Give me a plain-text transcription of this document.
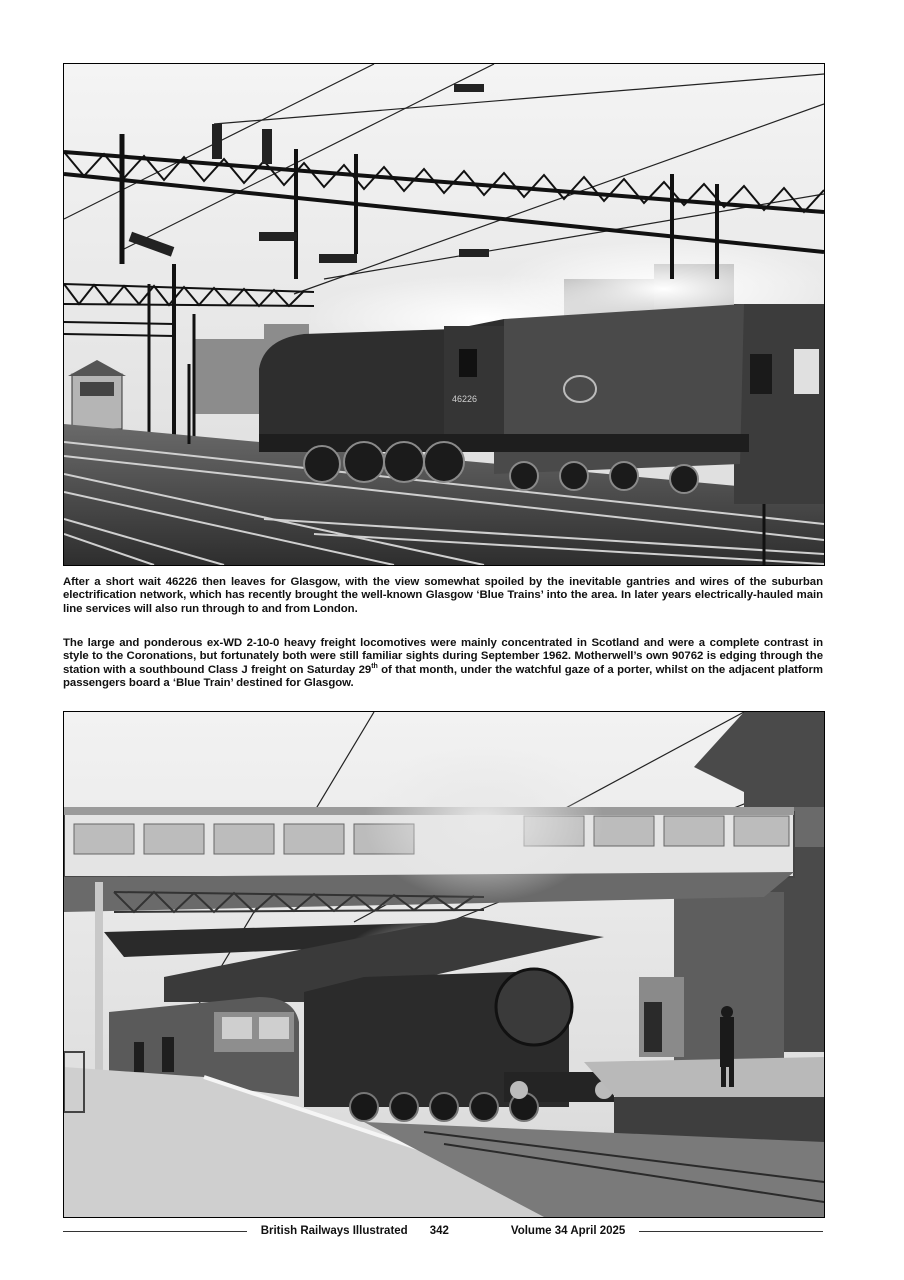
46226

After a short wait 46226 then leaves for Glasgow, with the view somewhat spoiled by the inevitable gantries and wires of the suburban electrification network, which has recently brought the well-known Glasgow ‘Blue Trains’ into the area. In later years electrically-hauled main line services will also run through to and from London.

The large and ponderous ex-WD 2-10-0 heavy freight locomotives were mainly concentrated in Scotland and were a complete contrast in style to the Coronations, but fortunately both were still familiar sights during September 1962. Motherwell’s own 90762 is edging through the station with a southbound Class J freight on Saturday 29th of that month, under the watchful gaze of a porter, whilst on the adjacent platform passengers board a ‘Blue Train’ destined for Glasgow.

British Railways Illustrated 342	Volume 34 April 2025
